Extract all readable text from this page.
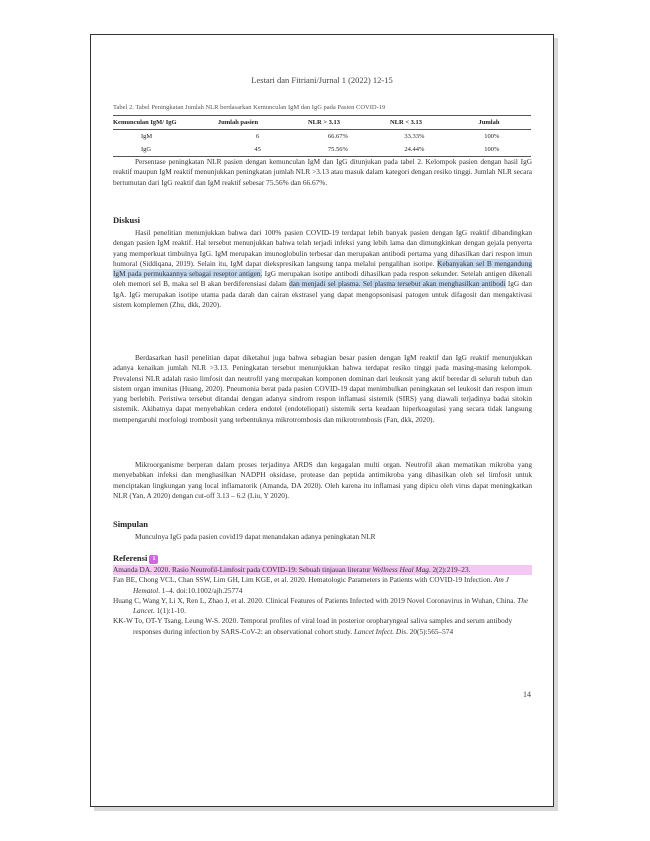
Lestari dan Fitriani/Jurnal 1 (2022) 12-15
Tabel 2. Tabel Peningkatan Jumlah NLR berdasarkan Kemunculan IgM dan IgG pada Pasien COVID-19
Kemunculan IgM/ IgG	Jumlah pasien	NLR > 3.13	NLR < 3.13	Jumlah
IgM	6	66.67%	33.33%	100%
IgG	45	75.56%	24.44%	100%
Persentase peningkatan NLR pasien dengan kemunculan IgM dan IgG ditunjukan pada tabel 2. Kelompok pasien dengan hasil IgG reaktif maupun IgM reaktif menunjukkan peningkatan jumlah NLR >3.13 atau masuk dalam kategori dengan resiko tinggi. Jumlah NLR secara bertumutan dari IgG reaktif dan IgM reaktif sebesar 75.56% dan 66.67%.
Diskusi
Hasil penelitian menunjukkan bahwa dari 100% pasien COVID-19 terdapat lebih banyak pasien dengan IgG reaktif dibandingkan dengan pasien IgM reaktif. Hal tersebut menunjukkan bahwa telah terjadi infeksi yang lebih lama dan dimungkinkan dengan gejala penyerta yang memperkuat timbulnya IgG. IgM merupakan imunoglobulin terbesar dan merupakan antibodi pertama yang dihasilkan dari respon imun humoral (Siddiqana, 2019). Selain itu, IgM dapat diekspresikan langsung tanpa melalui pengalihan isotipe. Kebanyakan sel B mengandung IgM pada permukaannya sebagai reseptor antigen. IgG merupakan isotipe antibodi dihasilkan pada respon sekunder. Setelah antigen dikenali oleh memori sel B, maka sel B akan berdiferensiasi dalam dan menjadi sel plasma. Sel plasma tersebut akan menghasilkan antibodi IgG dan IgA. IgG merupakan isotipe utama pada darah dan cairan ekstrasel yang dapat mengopsonisasi patogen untuk difagosit dan mengaktivasi sistem komplemen (Zhu, dkk, 2020).
Berdasarkan hasil penelitian dapat diketahui juga bahwa sebagian besar pasien dengan IgM reaktif dan IgG reaktif menunjukkan adanya kenaikan jumlah NLR >3.13. Peningkatan tersebut menunjukkan bahwa terdapat resiko tinggi pada masing-masing kelompok. Prevalensi NLR adalah rasio limfosit dan neutrofil yang merupakan komponen dominan dari leukosit yang aktif beredar di seluruh tubuh dan sistem organ imunitas (Huang, 2020). Pneumonia berat pada pasien COVID-19 dapat menimbulkan peningkatan sel leukosit dan respon imun yang berlebih. Peristiwa tersebut ditandai dengan adanya sindrom respon inflamasi sistemik (SIRS) yang diawali terjadinya badai sitokin sistemik. Akibatnya dapat menyebabkan cedera endotel (endoteliopati) sistemik serta keadaan hiperkoagulasi yang secara tidak langsung mempengaruhi morfologi trombosit yang terbentuknya mikrotrombosis dan mikrotrombosis (Fan, dkk, 2020).
Mikroorganisme berperan dalam proses terjadinya ARDS dan kegagalan multi organ. Neutrofil akan mematikan mikroba yang menyebabkan infeksi dan menghasilkan NADPH oksidase, protease dan peptida antimikroba yang dihasilkan oleh sel limfosit untuk menciptakan lingkungan yang local inflamatorik (Amanda, DA 2020). Oleh karena itu inflamasi yang dipicu oleh virus dapat meningkatkan NLR (Yan, A 2020) dengan cut-off 3.13 – 6.2 (Liu, Y 2020).
Simpulan
Munculnya IgG pada pasien covid19 dapat menandakan adanya peningkatan NLR
Referensi 1

Amanda DA. 2020. Rasio Neutrofil-Limfosit pada COVID-19: Sebuah tinjauan literatur Wellness Heal Mag. 2(2):219–23.

Fan BE, Chong VCL, Chan SSW, Lim GH, Lim KGE, et al. 2020. Hematologic Parameters in Patients with COVID-19 Infection. Am J Hematol. 1–4. doi:10.1002/ajh.25774

Huang C, Wang Y, Li X, Ren L, Zhao J, et al. 2020. Clinical Features of Patients Infected with 2019 Novel Coronavirus in Wuhan, China. The Lancet. 1(1):1-10.

KK-W To, OT-Y Tsang, Leung W-S. 2020. Temporal profiles of viral load in posterior oropharyngeal saliva samples and serum antibody responses during infection by SARS-CoV-2: an observational cohort study. Lancet Infect. Dis. 20(5):565–574

14
